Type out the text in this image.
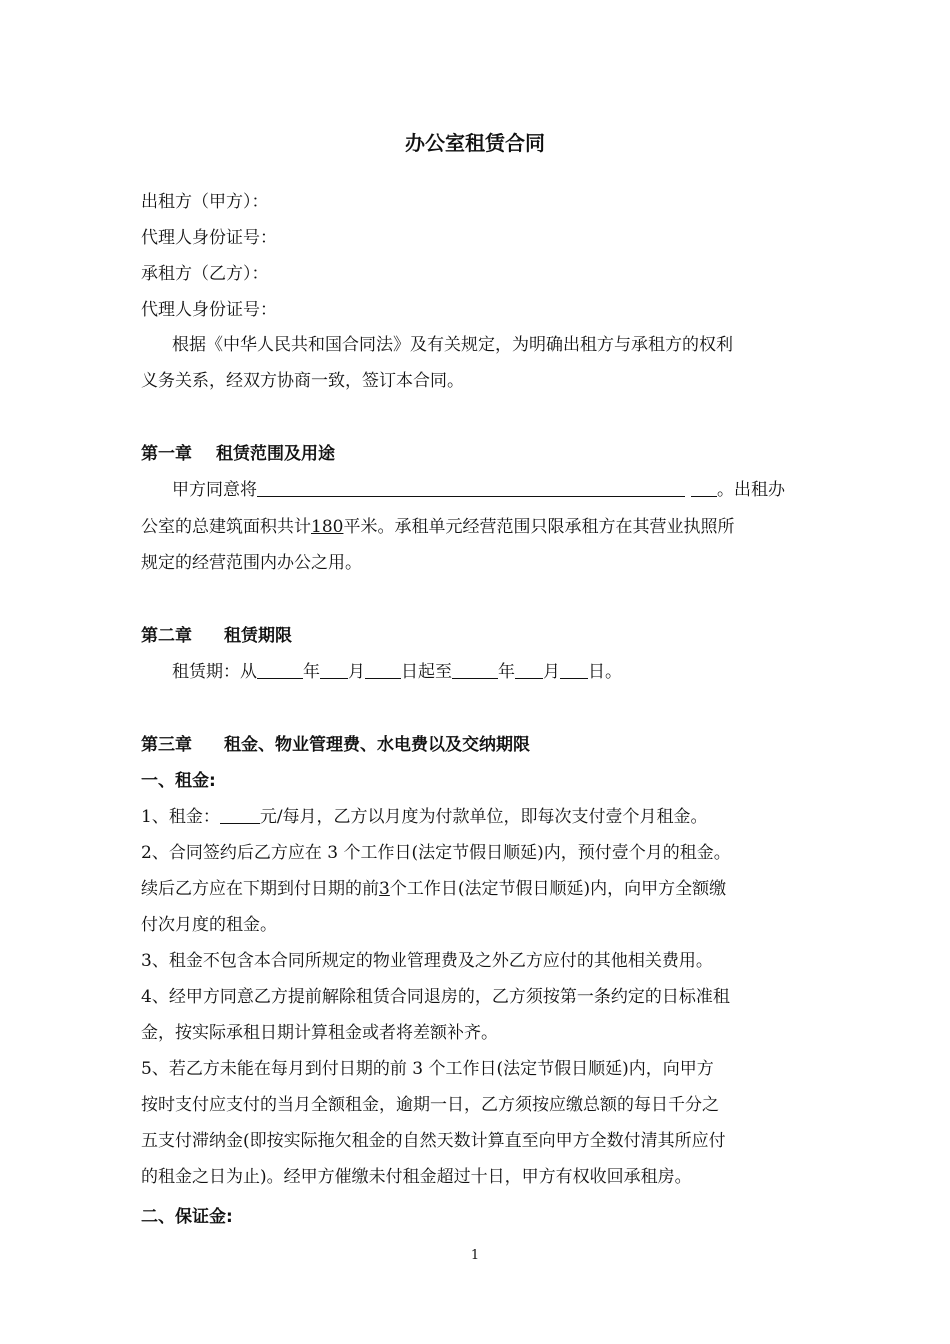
办公室租赁合同
出租方（甲方）：
代理人身份证号：
承租方（乙方）：
代理人身份证号：
根据《中华人民共和国合同法》及有关规定，为明确出租方与承租方的权利
义务关系，经双方协商一致，签订本合同。
第一章 租赁范围及用途
甲方同意将	。出租办
公室的总建筑面积共计180平米。承租单元经营范围只限承租方在其营业执照所
规定的经营范围内办公之用。
第二章 租赁期限
租赁期：从	年 月 日起至	年 月 日。
第三章 租金、物业管理费、水电费以及交纳期限
一、租金:
1、租金： 元/每月，乙方以月度为付款单位，即每次支付壹个月租金。
2、合同签约后乙方应在 3 个工作日(法定节假日顺延)内，预付壹个月的租金。
续后乙方应在下期到付日期的前3个工作日(法定节假日顺延)内，向甲方全额缴
付次月度的租金。
3、租金不包含本合同所规定的物业管理费及之外乙方应付的其他相关费用。
4、经甲方同意乙方提前解除租赁合同退房的，乙方须按第一条约定的日标准租
金，按实际承租日期计算租金或者将差额补齐。
5、若乙方未能在每月到付日期的前 3 个工作日(法定节假日顺延)内，向甲方
按时支付应支付的当月全额租金，逾期一日，乙方须按应缴总额的每日千分之
五支付滞纳金(即按实际拖欠租金的自然天数计算直至向甲方全数付清其所应付
的租金之日为止)。经甲方催缴未付租金超过十日，甲方有权收回承租房。
二、保证金:
1
